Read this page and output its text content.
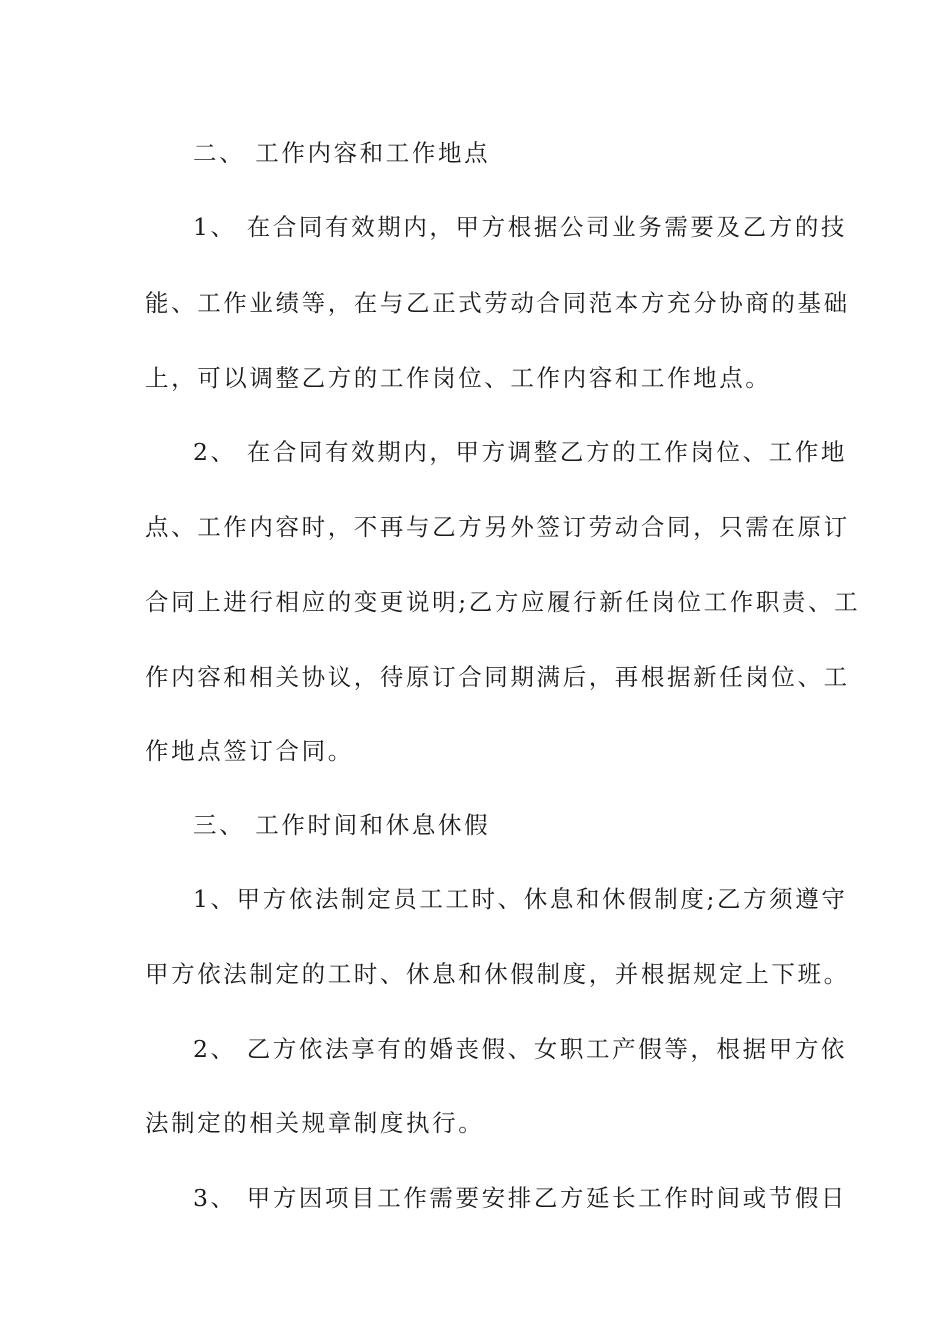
二、 工作内容和工作地点
1、 在合同有效期内，甲方根据公司业务需要及乙方的技
能、工作业绩等，在与乙正式劳动合同范本方充分协商的基础
上，可以调整乙方的工作岗位、工作内容和工作地点。
2、 在合同有效期内，甲方调整乙方的工作岗位、工作地
点、工作内容时，不再与乙方另外签订劳动合同，只需在原订
合同上进行相应的变更说明;乙方应履行新任岗位工作职责、工
作内容和相关协议，待原订合同期满后，再根据新任岗位、工
作地点签订合同。
三、 工作时间和休息休假
1、甲方依法制定员工工时、休息和休假制度;乙方须遵守
甲方依法制定的工时、休息和休假制度，并根据规定上下班。
2、 乙方依法享有的婚丧假、女职工产假等，根据甲方依
法制定的相关规章制度执行。
3、 甲方因项目工作需要安排乙方延长工作时间或节假日
